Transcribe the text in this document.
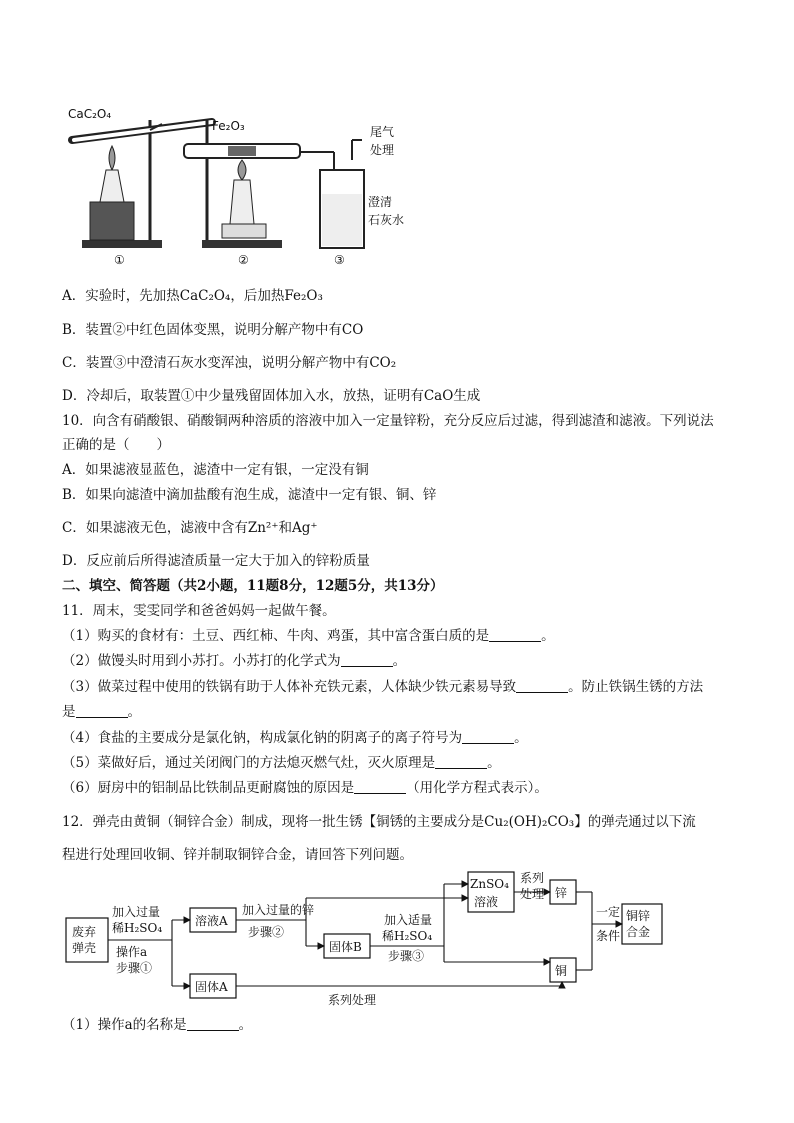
CaC₂O₄
Fe₂O₃	尾气
处理
澄清
石灰水
①	②	③
A．实验时，先加热CaC₂O₄，后加热Fe₂O₃
B．装置②中红色固体变黑，说明分解产物中有CO
C．装置③中澄清石灰水变浑浊，说明分解产物中有CO₂
D．冷却后，取装置①中少量残留固体加入水，放热，证明有CaO生成
10．向含有硝酸银、硝酸铜两种溶质的溶液中加入一定量锌粉，充分反应后过滤，得到滤渣和滤液。下列说法
正确的是（　　）
A．如果滤液显蓝色，滤渣中一定有银，一定没有铜
B．如果向滤渣中滴加盐酸有泡生成，滤渣中一定有银、铜、锌
C．如果滤液无色，滤液中含有Zn²⁺和Ag⁺
D．反应前后所得滤渣质量一定大于加入的锌粉质量
二、填空、简答题（共2小题，11题8分，12题5分，共13分）
11．周末，雯雯同学和爸爸妈妈一起做午餐。
（1）购买的食材有：土豆、西红柿、牛肉、鸡蛋，其中富含蛋白质的是	。
（2）做馒头时用到小苏打。小苏打的化学式为	。
（3）做菜过程中使用的铁锅有助于人体补充铁元素，人体缺少铁元素易导致	。防止铁锅生锈的方法
是	。
（4）食盐的主要成分是氯化钠，构成氯化钠的阴离子的离子符号为	。
（5）菜做好后，通过关闭阀门的方法熄灭燃气灶，灭火原理是	。
（6）厨房中的铝制品比铁制品更耐腐蚀的原因是	（用化学方程式表示）。
12．弹壳由黄铜（铜锌合金）制成，现将一批生锈【铜锈的主要成分是Cu₂(OH)₂CO₃】的弹壳通过以下流
程进行处理回收铜、锌并制取铜锌合金，请回答下列问题。
废弃
弹壳
溶液A
固体A
固体B
ZnSO₄
溶液
锌
铜
铜锌
合金
加入过量
稀H₂SO₄
操作a
步骤①
加入过量的锌
步骤②
加入适量
稀H₂SO₄
步骤③
系列
处理
一定
条件
系列处理
（1）操作a的名称是	。
